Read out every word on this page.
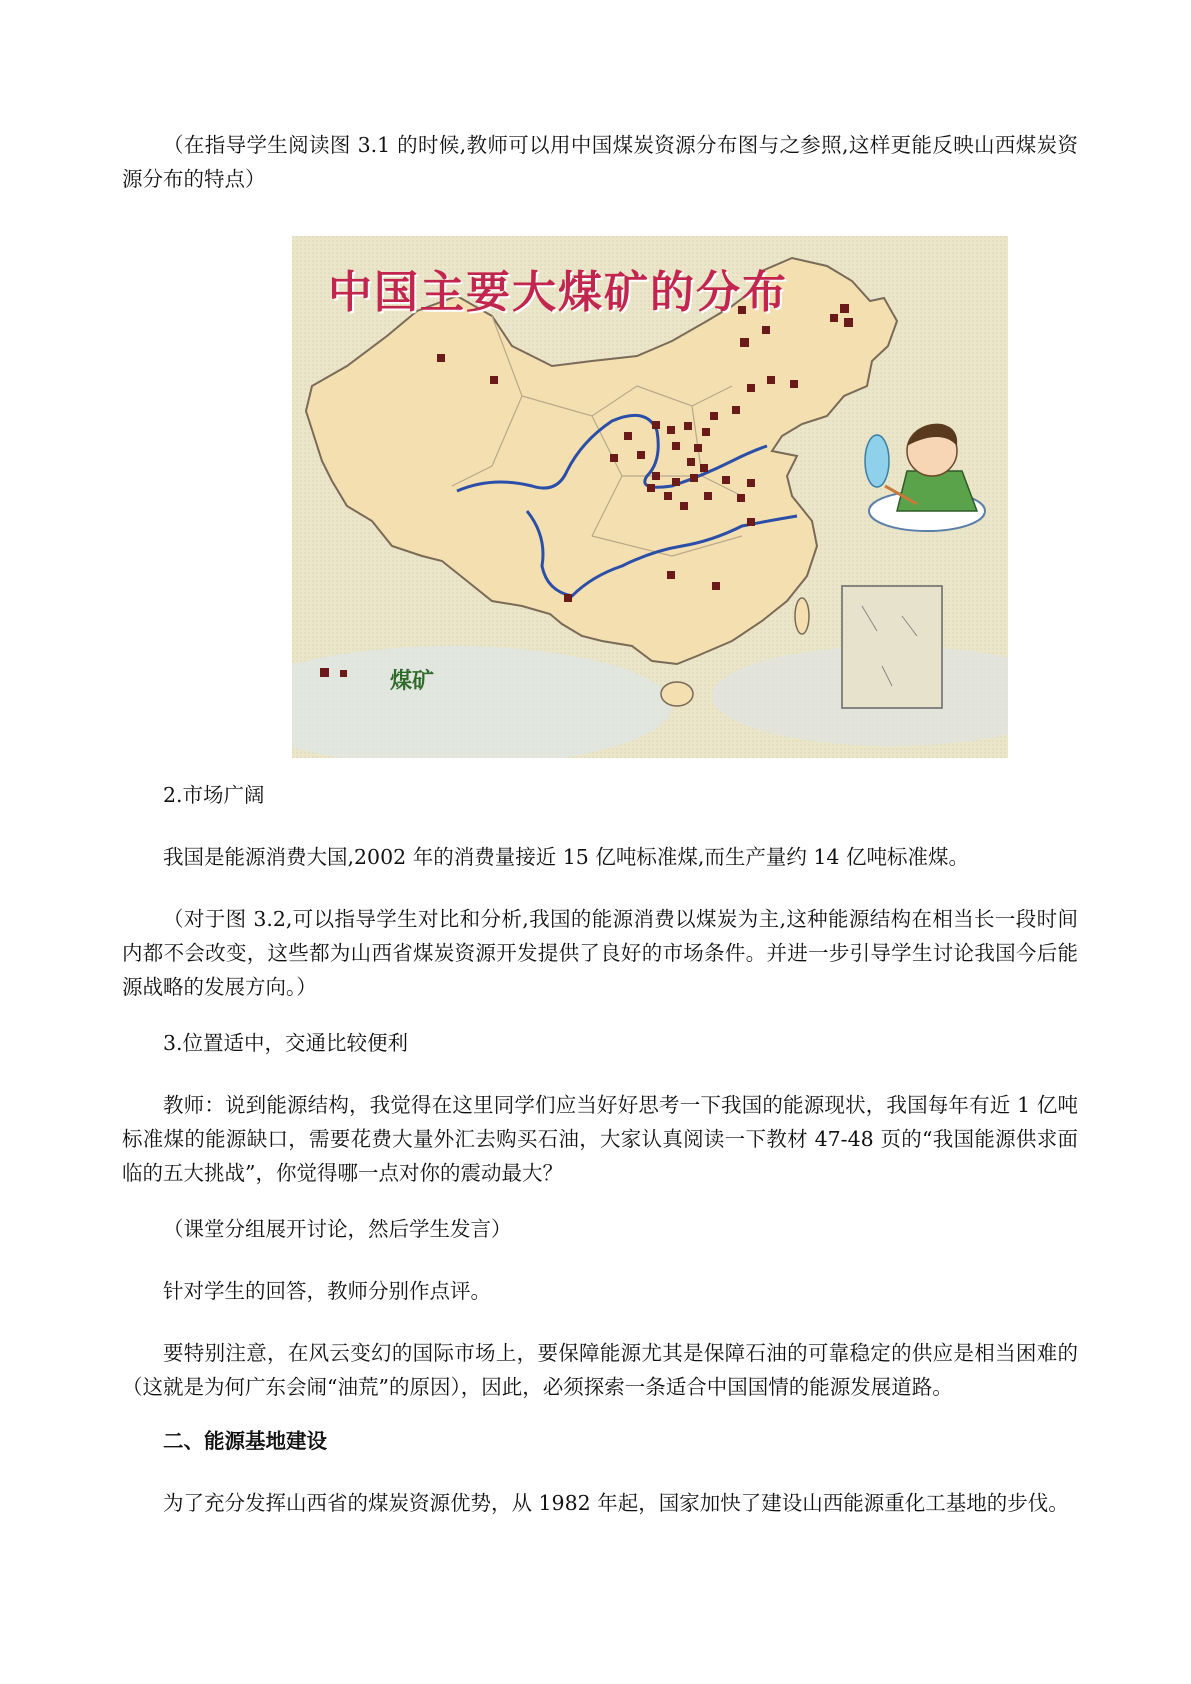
（在指导学生阅读图 3.1 的时候,教师可以用中国煤炭资源分布图与之参照,这样更能反映山西煤炭资源分布的特点）

中国主要大煤矿的分布
煤矿

2.市场广阔

我国是能源消费大国,2002 年的消费量接近 15 亿吨标准煤,而生产量约 14 亿吨标准煤。

（对于图 3.2,可以指导学生对比和分析,我国的能源消费以煤炭为主,这种能源结构在相当长一段时间内都不会改变，这些都为山西省煤炭资源开发提供了良好的市场条件。并进一步引导学生讨论我国今后能源战略的发展方向。）

3.位置适中，交通比较便利

教师：说到能源结构，我觉得在这里同学们应当好好思考一下我国的能源现状，我国每年有近 1 亿吨标准煤的能源缺口，需要花费大量外汇去购买石油，大家认真阅读一下教材 47-48 页的“我国能源供求面临的五大挑战”，你觉得哪一点对你的震动最大？

（课堂分组展开讨论，然后学生发言）

针对学生的回答，教师分别作点评。

要特别注意，在风云变幻的国际市场上，要保障能源尤其是保障石油的可靠稳定的供应是相当困难的（这就是为何广东会闹“油荒”的原因），因此，必须探索一条适合中国国情的能源发展道路。

二、能源基地建设

为了充分发挥山西省的煤炭资源优势，从 1982 年起，国家加快了建设山西能源重化工基地的步伐。
